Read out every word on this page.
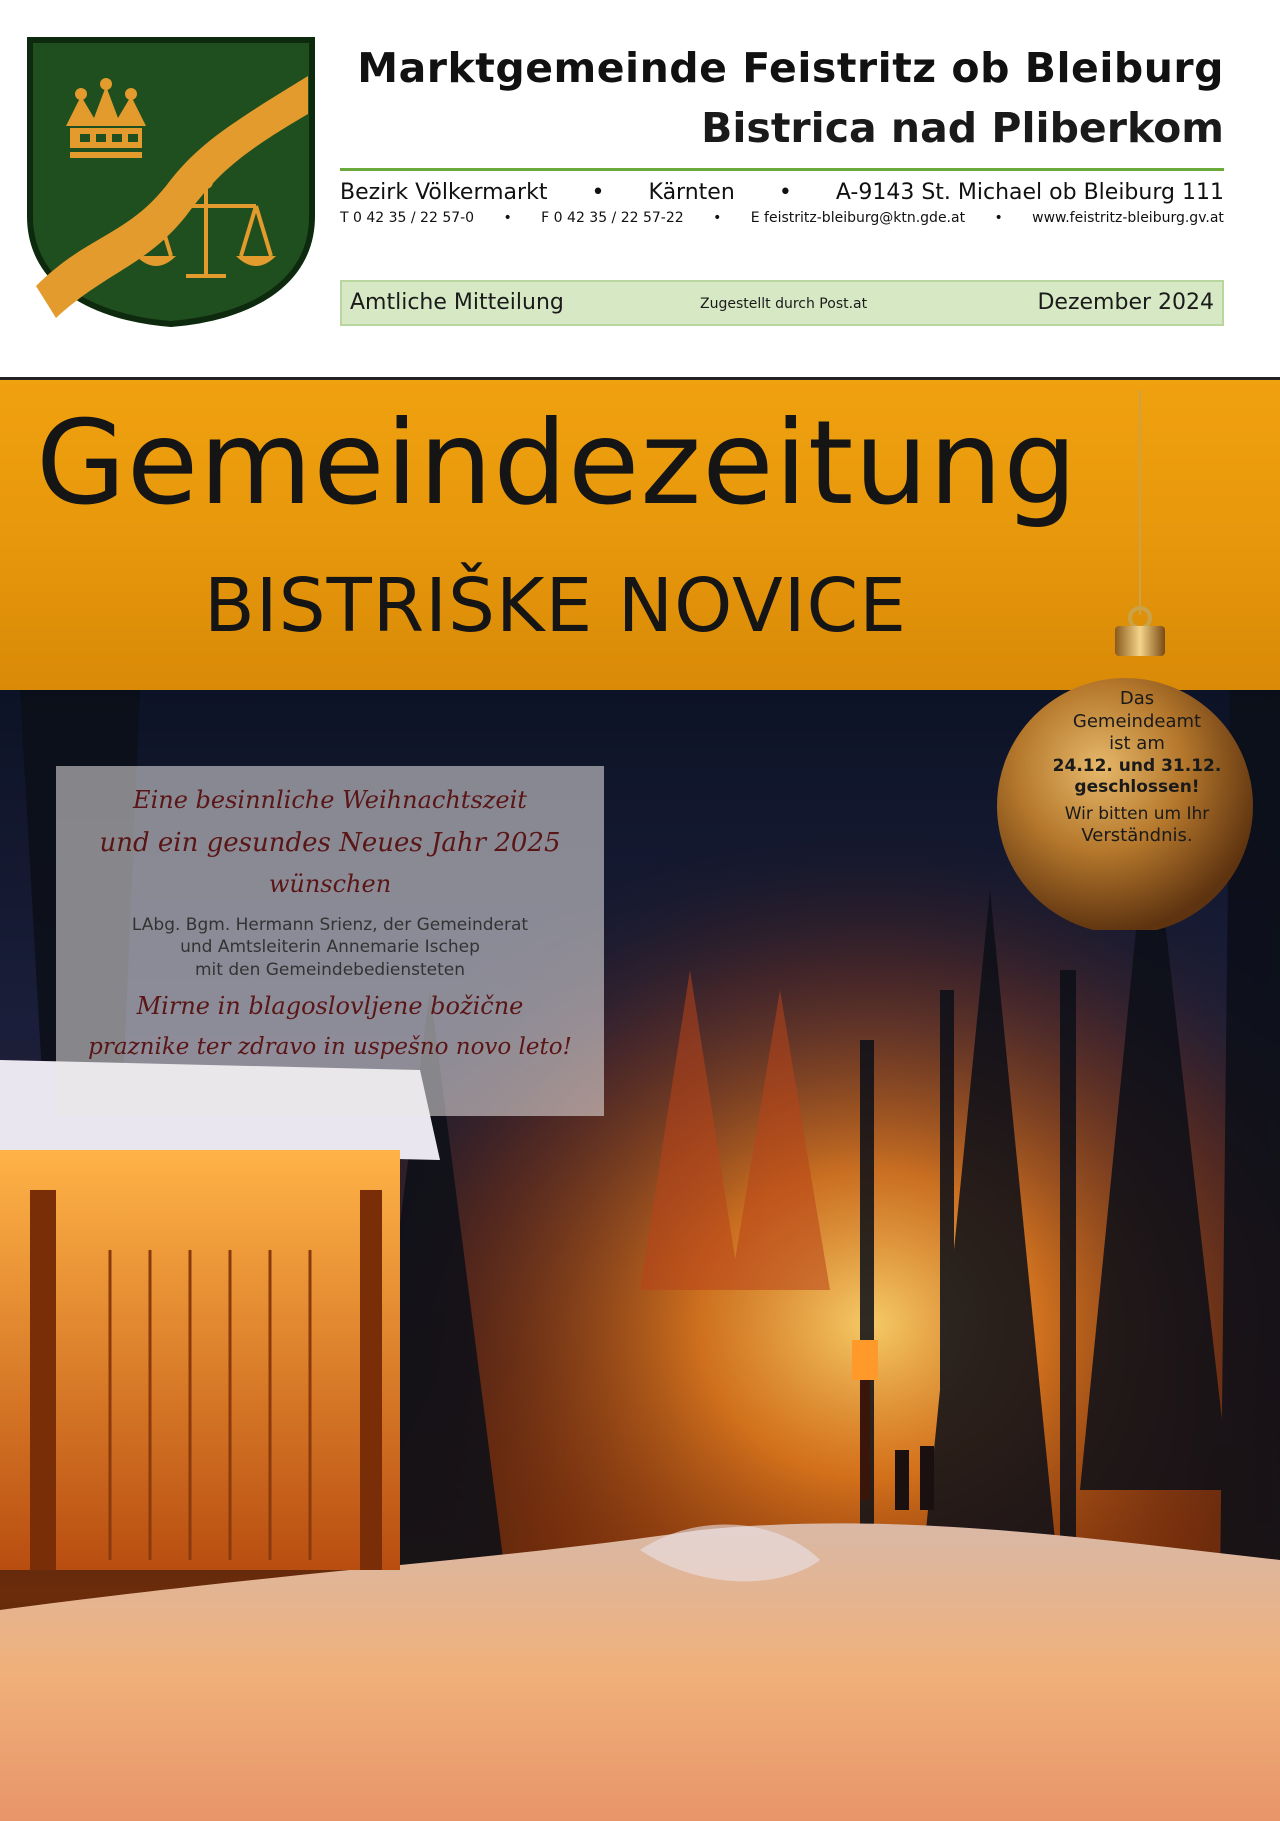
Marktgemeinde Feistritz ob Bleiburg
Bistrica nad Pliberkom
Bezirk Völkermarkt • Kärnten • A-9143 St. Michael ob Bleiburg 111
T 0 42 35 / 22 57-0 • F 0 42 35 / 22 57-22 • E feistritz-bleiburg@ktn.gde.at • www.feistritz-bleiburg.gv.at
Amtliche Mitteilung	Zugestellt durch Post.at	Dezember 2024
Gemeindezeitung
BISTRIŠKE NOVICE
Eine besinnliche Weihnachtszeit
und ein gesundes Neues Jahr 2025
wünschen
LAbg. Bgm. Hermann Srienz, der Gemeinderat
und Amtsleiterin Annemarie Ischep
mit den Gemeindebediensteten
Mirne in blagoslovljene božične
praznike ter zdravo in uspešno novo leto!
Das
Gemeindeamt
ist am
24.12. und 31.12.
geschlossen!
Wir bitten um Ihr
Verständnis.
